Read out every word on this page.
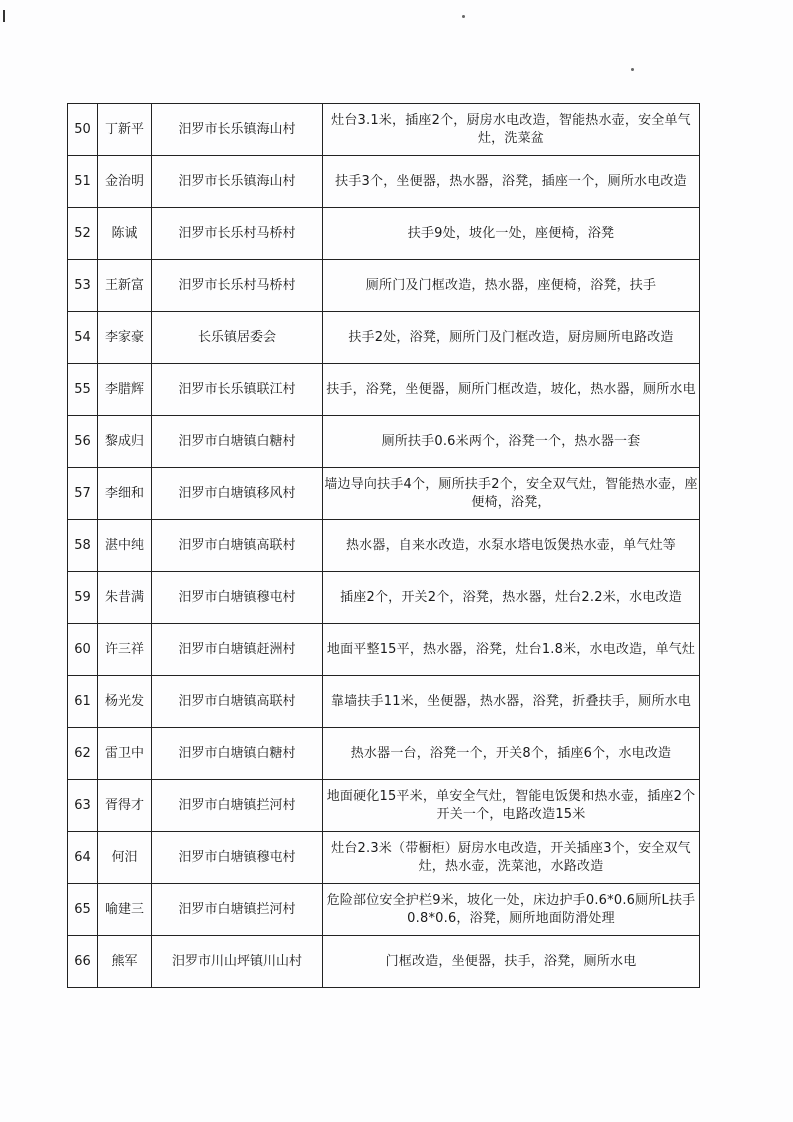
50	丁新平	汨罗市长乐镇海山村	灶台3.1米，插座2个，厨房水电改造，智能热水壶，安全单气灶，洗菜盆

51	金治明	汨罗市长乐镇海山村	扶手3个，坐便器，热水器，浴凳，插座一个，厕所水电改造

52	陈诚	汨罗市长乐村马桥村	扶手9处，坡化一处，座便椅，浴凳

53	王新富	汨罗市长乐村马桥村	厕所门及门框改造，热水器，座便椅，浴凳，扶手

54	李家豪	长乐镇居委会	扶手2处，浴凳，厕所门及门框改造，厨房厕所电路改造

55	李腊辉	汨罗市长乐镇联江村	扶手，浴凳，坐便器，厕所门框改造，坡化，热水器，厕所水电

56	黎成归	汨罗市白塘镇白糖村	厕所扶手0.6米两个，浴凳一个，热水器一套

57	李细和	汨罗市白塘镇移风村	墙边导向扶手4个，厕所扶手2个，安全双气灶，智能热水壶，座便椅，浴凳，

58	湛中纯	汨罗市白塘镇高联村	热水器，自来水改造，水泵水塔电饭煲热水壶，单气灶等

59	朱昔满	汨罗市白塘镇穆屯村	插座2个，开关2个，浴凳，热水器，灶台2.2米，水电改造

60	许三祥	汨罗市白塘镇赶洲村	地面平整15平，热水器，浴凳，灶台1.8米，水电改造，单气灶

61	杨光发	汨罗市白塘镇高联村	靠墙扶手11米，坐便器，热水器，浴凳，折叠扶手，厕所水电

62	雷卫中	汨罗市白塘镇白糖村	热水器一台，浴凳一个，开关8个，插座6个，水电改造

63	胥得才	汨罗市白塘镇拦河村	地面硬化15平米，单安全气灶，智能电饭煲和热水壶，插座2个开关一个，电路改造15米

64	何汨	汨罗市白塘镇穆屯村	灶台2.3米（带橱柜）厨房水电改造，开关插座3个，安全双气灶，热水壶，洗菜池，水路改造

65	喻建三	汨罗市白塘镇拦河村	危险部位安全护栏9米，坡化一处，床边护手0.6*0.6厕所L扶手0.8*0.6，浴凳，厕所地面防滑处理

66	熊军	汨罗市川山坪镇川山村	门框改造，坐便器，扶手，浴凳，厕所水电
